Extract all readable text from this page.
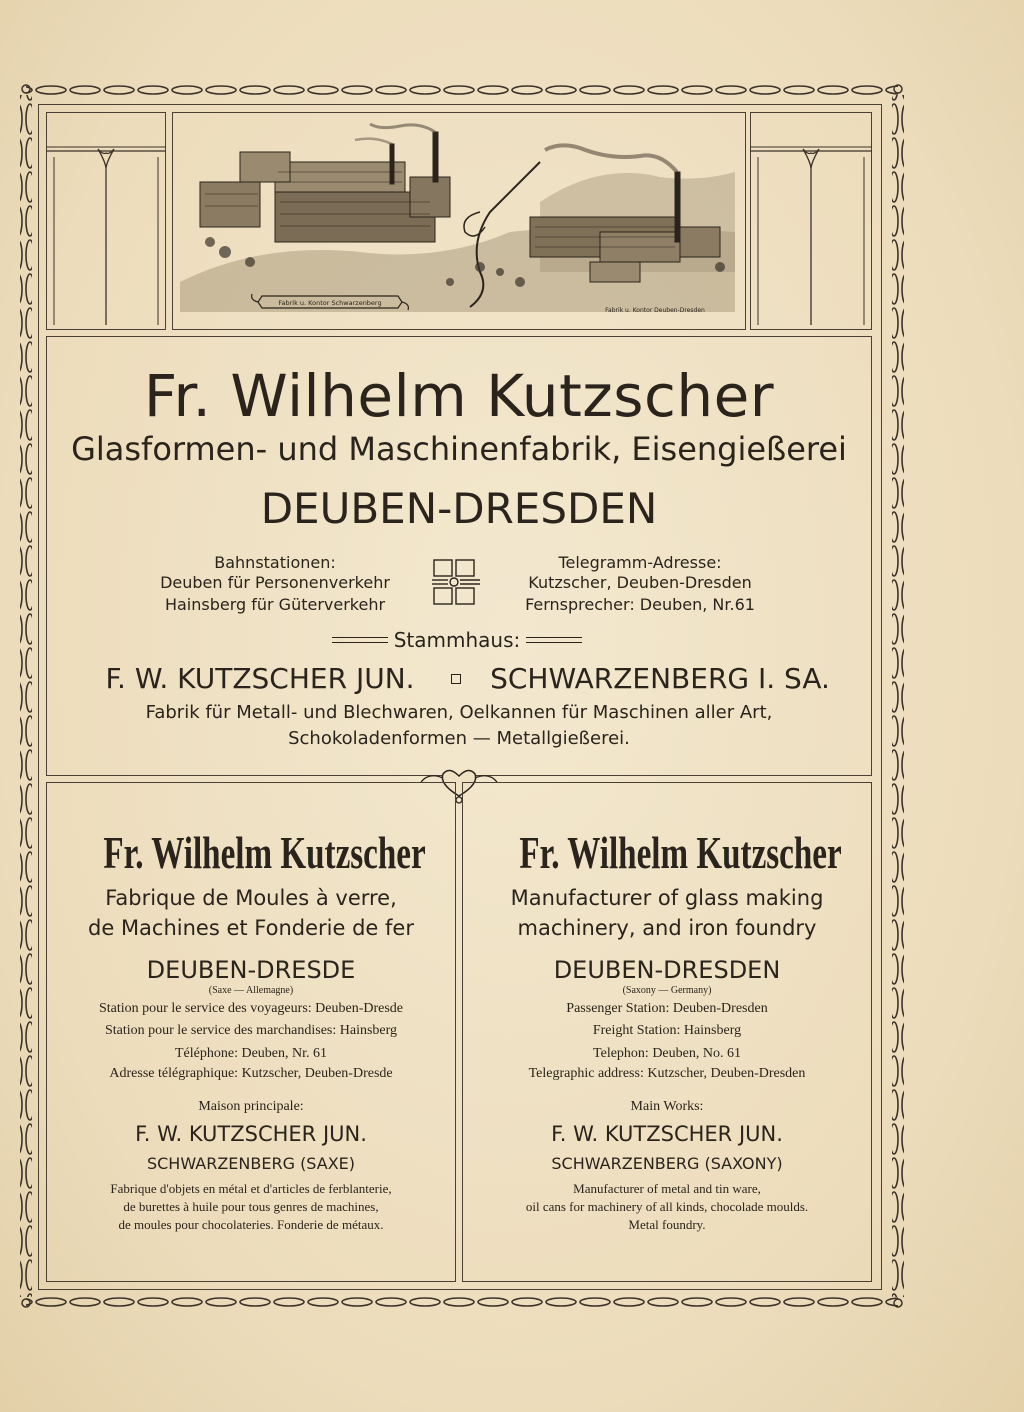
Fabrik u. Kontor Schwarzenberg
Fabrik u. Kontor Deuben-Dresden
Fr. Wilhelm Kutzscher
Glasformen- und Maschinenfabrik, Eisengießerei
DEUBEN-DRESDEN
Bahnstationen:
Deuben für Personenverkehr
Hainsberg für Güterverkehr
Telegramm-Adresse:
Kutzscher, Deuben-Dresden
Fernsprecher: Deuben, Nr.61
Stammhaus:
F. W. KUTZSCHER JUN.	SCHWARZENBERG I. SA.
Fabrik für Metall- und Blechwaren, Oelkannen für Maschinen aller Art,
Schokoladenformen — Metallgießerei.
Fr. Wilhelm Kutzscher
Fabrique de Moules à verre,
de Machines et Fonderie de fer
DEUBEN-DRESDE
(Saxe — Allemagne)
Station pour le service des voyageurs: Deuben-Dresde
Station pour le service des marchandises: Hainsberg
Téléphone: Deuben, Nr. 61
Adresse télégraphique: Kutzscher, Deuben-Dresde
Maison principale:
F. W. KUTZSCHER JUN.
SCHWARZENBERG (SAXE)
Fabrique d'objets en métal et d'articles de ferblanterie,
de burettes à huile pour tous genres de machines,
de moules pour chocolateries. Fonderie de métaux.
Fr. Wilhelm Kutzscher
Manufacturer of glass making
machinery, and iron foundry
DEUBEN-DRESDEN
(Saxony — Germany)
Passenger Station: Deuben-Dresden
Freight Station: Hainsberg
Telephon: Deuben, No. 61
Telegraphic address: Kutzscher, Deuben-Dresden
Main Works:
F. W. KUTZSCHER JUN.
SCHWARZENBERG (SAXONY)
Manufacturer of metal and tin ware,
oil cans for machinery of all kinds, chocolade moulds.
Metal foundry.
